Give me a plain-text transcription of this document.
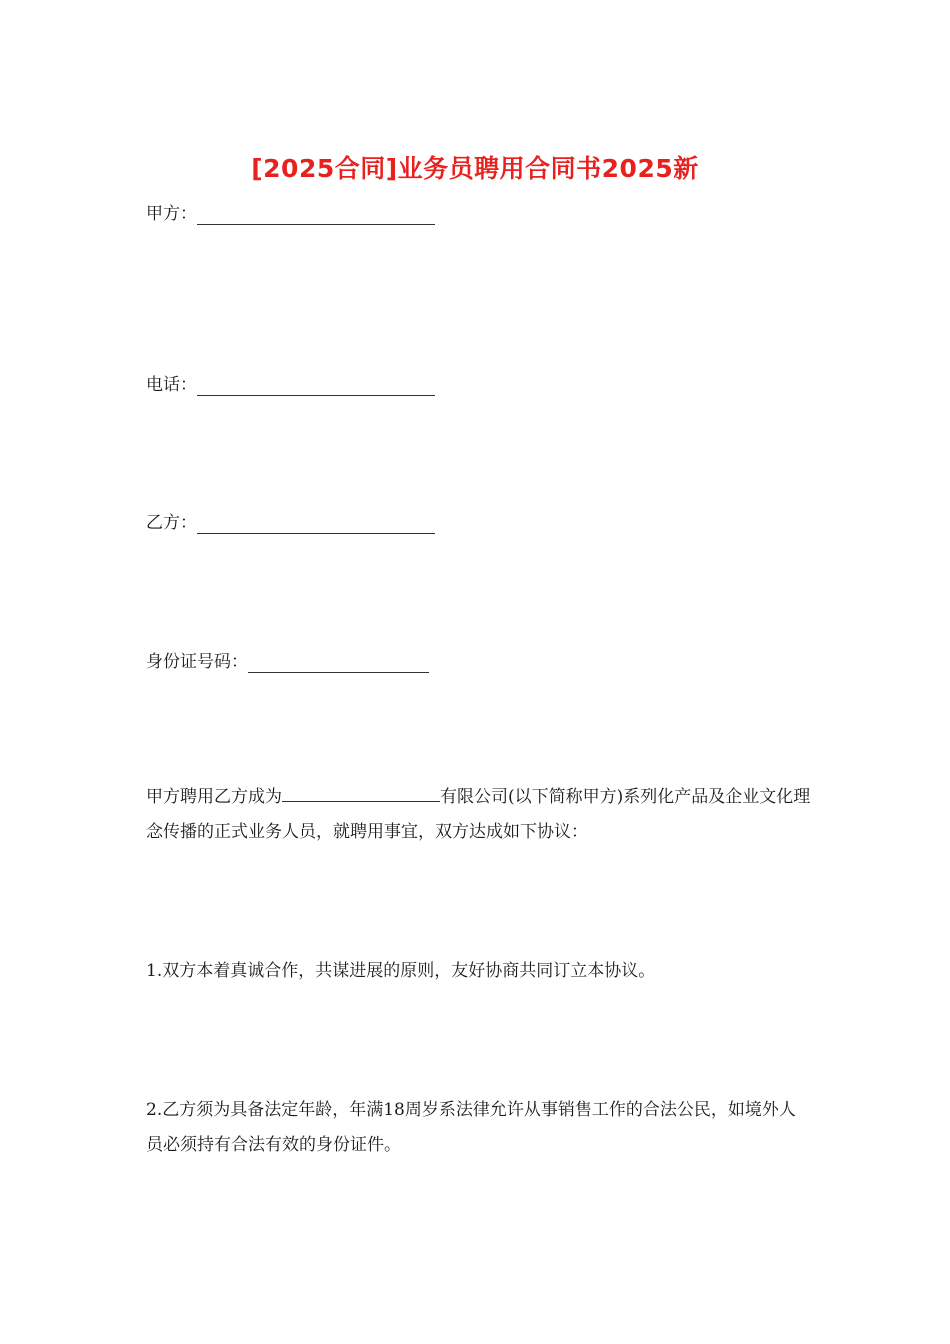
[2025合同]业务员聘用合同书2025新
甲方：
电话：
乙方：
身份证号码：
甲方聘用乙方成为	有限公司(以下简称甲方)系列化产品及企业文化理念传播的正式业务人员，就聘用事宜，双方达成如下协议：
1.双方本着真诚合作，共谋进展的原则，友好协商共同订立本协议。
2.乙方须为具备法定年龄，年满18周岁系法律允许从事销售工作的合法公民，如境外人员必须持有合法有效的身份证件。
